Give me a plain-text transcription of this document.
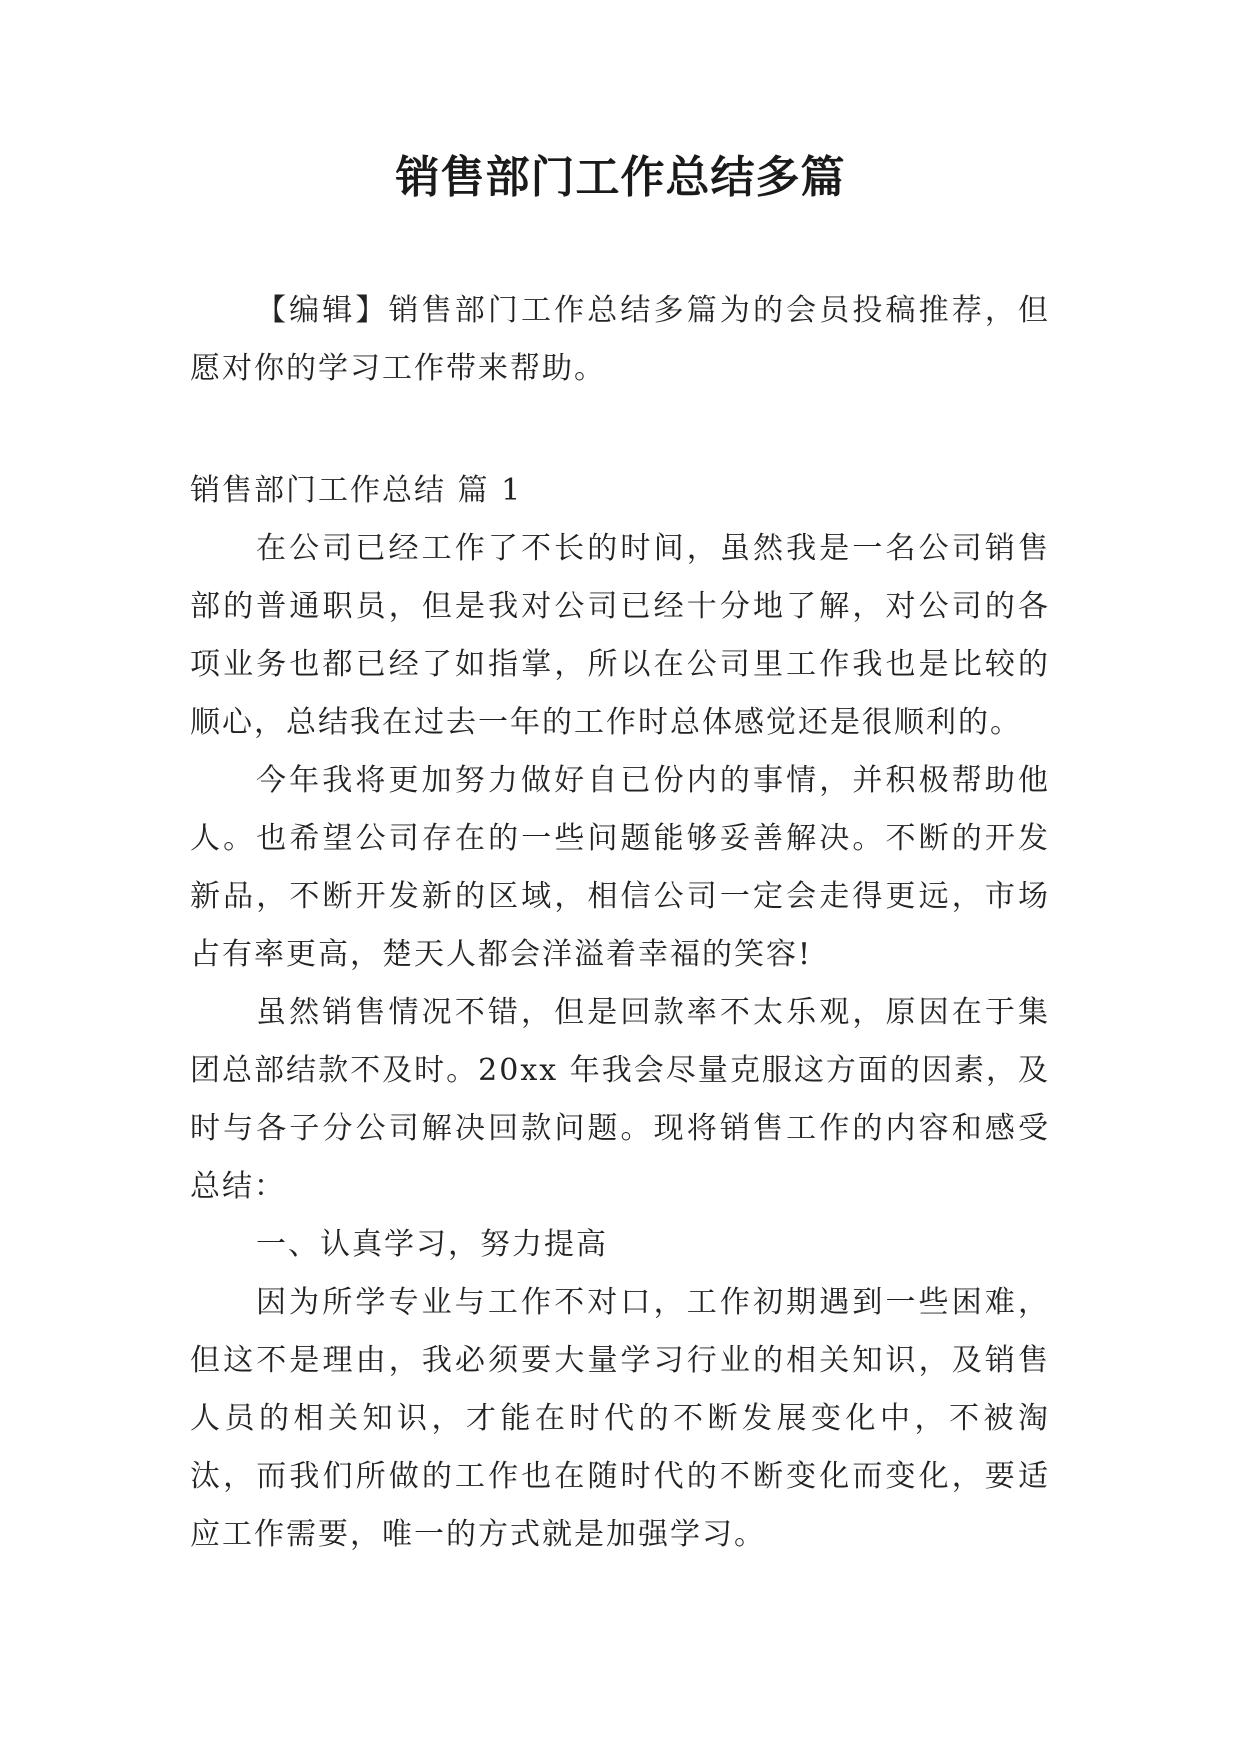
销售部门工作总结多篇

【编辑】销售部门工作总结多篇为的会员投稿推荐，但愿对你的学习工作带来帮助。

销售部门工作总结 篇 1

在公司已经工作了不长的时间，虽然我是一名公司销售部的普通职员，但是我对公司已经十分地了解，对公司的各项业务也都已经了如指掌，所以在公司里工作我也是比较的顺心，总结我在过去一年的工作时总体感觉还是很顺利的。

今年我将更加努力做好自已份内的事情，并积极帮助他人。也希望公司存在的一些问题能够妥善解决。不断的开发新品，不断开发新的区域，相信公司一定会走得更远，市场占有率更高，楚天人都会洋溢着幸福的笑容!

虽然销售情况不错，但是回款率不太乐观，原因在于集团总部结款不及时。20xx 年我会尽量克服这方面的因素，及时与各子分公司解决回款问题。现将销售工作的内容和感受总结：

一、认真学习，努力提高

因为所学专业与工作不对口，工作初期遇到一些困难，但这不是理由，我必须要大量学习行业的相关知识，及销售人员的相关知识，才能在时代的不断发展变化中，不被淘汰，而我们所做的工作也在随时代的不断变化而变化，要适应工作需要，唯一的方式就是加强学习。
